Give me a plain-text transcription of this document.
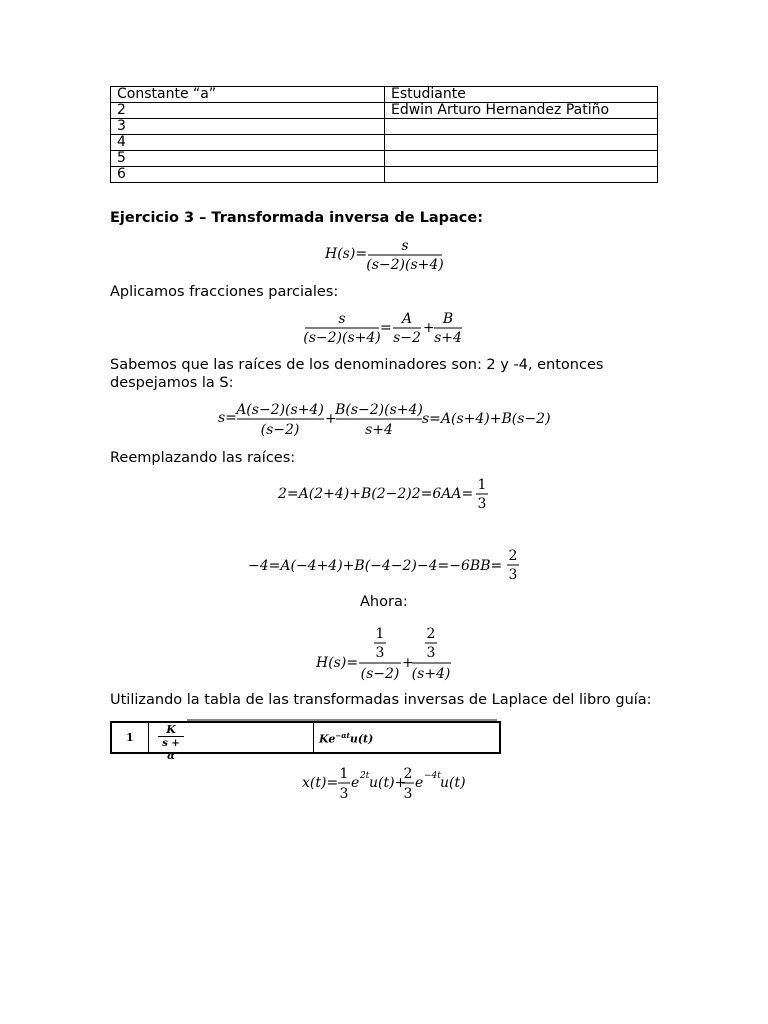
Constante “a”	Estudiante
2	Edwin Arturo Hernandez Patiño
3	
4	
5	
6	
Ejercicio 3 – Transformada inversa de Lapace:
H(s)= s
(s−2)(s+4)
Aplicamos fracciones parciales:
s
(s−2)(s+4)
=
A
s−2
+
B
s+4
Sabemos que las raíces de los denominadores son: 2 y -4, entonces
despejamos la S:
s= A(s−2)(s+4)
(s−2)
+
B(s−2)(s+4)
s+4
s=A(s+4)+B(s−2)
Reemplazando las raíces:
2=A(2+4)+B(2−2)2=6AA=
1
3
−4=A(−4+4)+B(−4−2)−4=−6BB=
2
3
Ahora:
H(s)=
1
3
(s−2)
+
2
3
(s+4)
Utilizando la tabla de las transformadas inversas de Laplace del libro guía:
$1 \frac{K}{s + \alpha}$	$Ke^{-\alpha t}u(t)$
x(t)=
1
3
e 2t u(t)+
2
3
e −4t u(t)
